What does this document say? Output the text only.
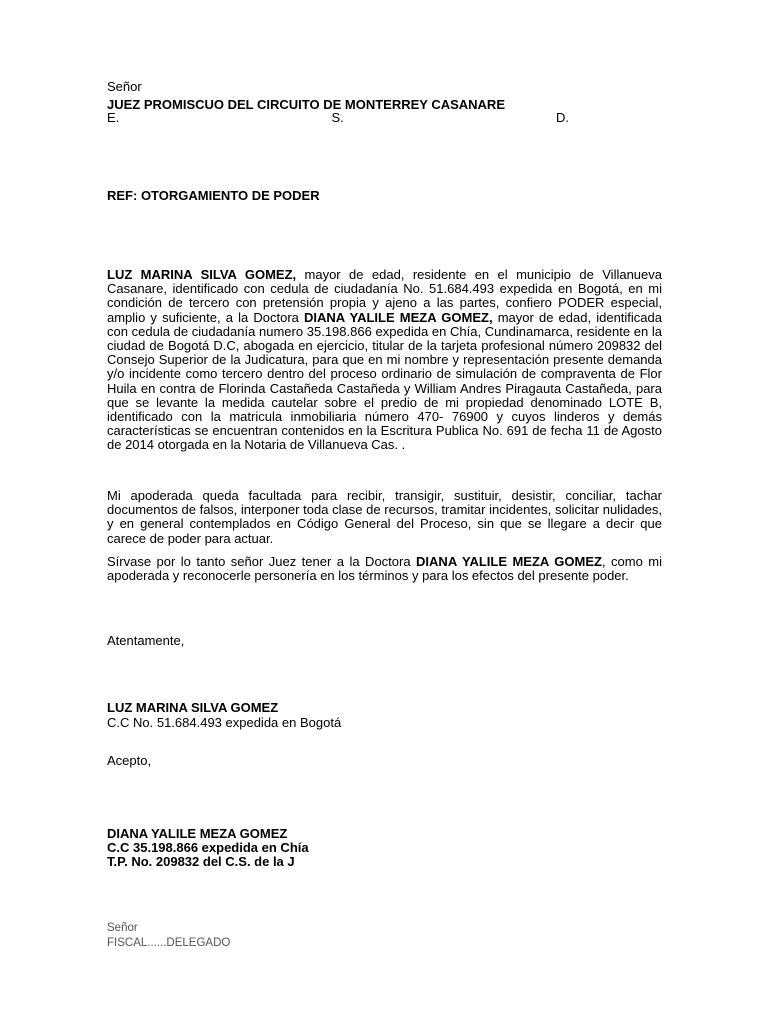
Señor
JUEZ PROMISCUO DEL CIRCUITO DE MONTERREY CASANARE
E.	S.	D.
REF: OTORGAMIENTO DE PODER

LUZ MARINA SILVA GOMEZ, mayor de edad, residente en el municipio de Villanueva Casanare, identificado con cedula de ciudadanía No. 51.684.493 expedida en Bogotá, en mi condición de tercero con pretensión propia y ajeno a las partes, confiero PODER especial, amplio y suficiente, a la Doctora DIANA YALILE MEZA GOMEZ, mayor de edad, identificada con cedula de ciudadanía numero 35.198.866 expedida en Chía, Cundinamarca, residente en la ciudad de Bogotá D.C, abogada en ejercicio, titular de la tarjeta profesional número 209832 del Consejo Superior de la Judicatura, para que en mi nombre y representación presente demanda y/o incidente como tercero dentro del proceso ordinario de simulación de compraventa de Flor Huila en contra de Florinda Castañeda Castañeda y William Andres Piragauta Castañeda, para que se levante la medida cautelar sobre el predio de mi propiedad denominado LOTE B, identificado con la matricula inmobiliaria número 470- 76900 y cuyos linderos y demás características se encuentran contenidos en la Escritura Publica No. 691 de fecha 11 de Agosto de 2014 otorgada en la Notaria de Villanueva Cas. .

Mi apoderada queda facultada para recibir, transigir, sustituir, desistir, conciliar, tachar documentos de falsos, interponer toda clase de recursos, tramitar incidentes, solicitar nulidades, y en general contemplados en Código General del Proceso, sin que se llegare a decir que carece de poder para actuar.

Sírvase por lo tanto señor Juez tener a la Doctora DIANA YALILE MEZA GOMEZ, como mi apoderada y reconocerle personería en los términos y para los efectos del presente poder.

Atentamente,
LUZ MARINA SILVA GOMEZ
C.C No. 51.684.493 expedida en Bogotá
Acepto,
DIANA YALILE MEZA GOMEZ
C.C 35.198.866 expedida en Chía
T.P. No. 209832 del C.S. de la J
Señor
FISCAL......DELEGADO
